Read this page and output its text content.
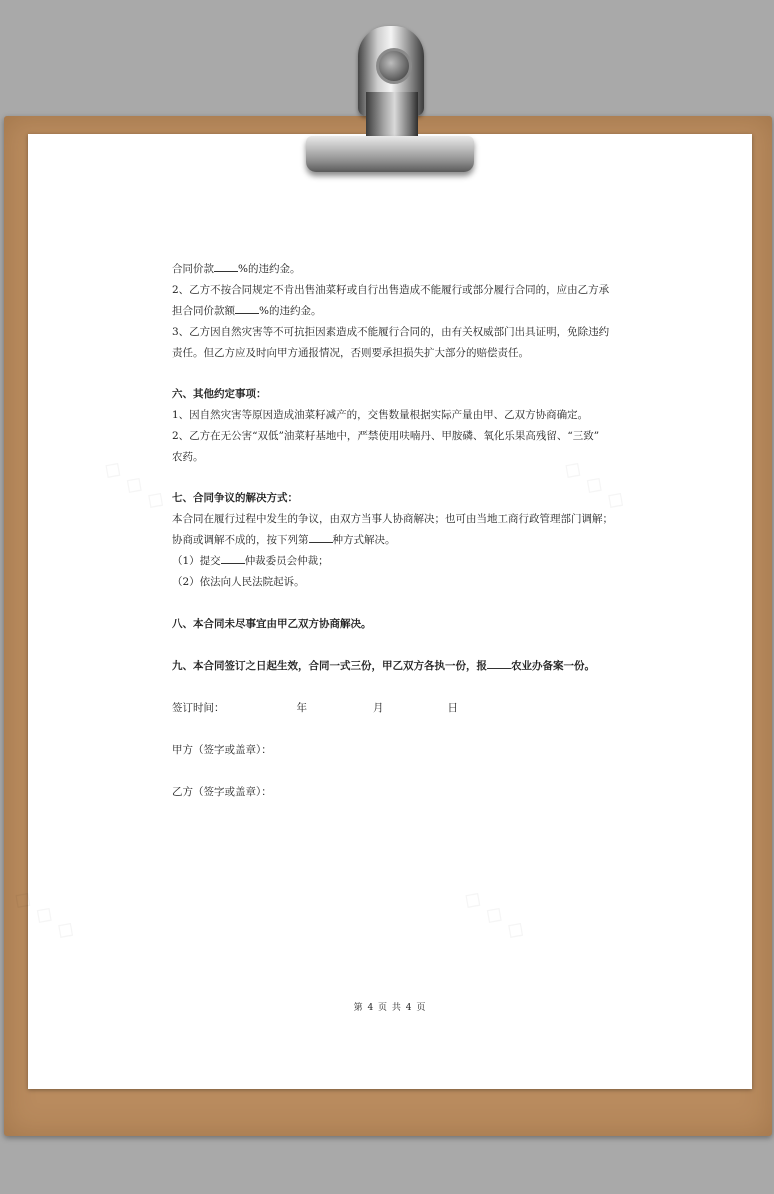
合同价款 %的违约金。

2、乙方不按合同规定不肯出售油菜籽或自行出售造成不能履行或部分履行合同的，应由乙方承

担合同价款额 %的违约金。

3、乙方因自然灾害等不可抗拒因素造成不能履行合同的，由有关权威部门出具证明，免除违约

责任。但乙方应及时向甲方通报情况，否则要承担损失扩大部分的赔偿责任。

六、其他约定事项：

1、因自然灾害等原因造成油菜籽减产的，交售数量根据实际产量由甲、乙双方协商确定。

2、乙方在无公害“双低”油菜籽基地中，严禁使用呋喃丹、甲胺磷、氧化乐果高残留、“三致”

农药。

七、合同争议的解决方式：

本合同在履行过程中发生的争议，由双方当事人协商解决；也可由当地工商行政管理部门调解；

协商或调解不成的，按下列第 种方式解决。

（1）提交 仲裁委员会仲裁；

（2）依法向人民法院起诉。

八、本合同未尽事宜由甲乙双方协商解决。

九、本合同签订之日起生效，合同一式三份，甲乙双方各执一份，报 农业办备案一份。

签订时间：	年	月	日

甲方（签字或盖章）：

乙方（签字或盖章）：

第 4 页 共 4 页
